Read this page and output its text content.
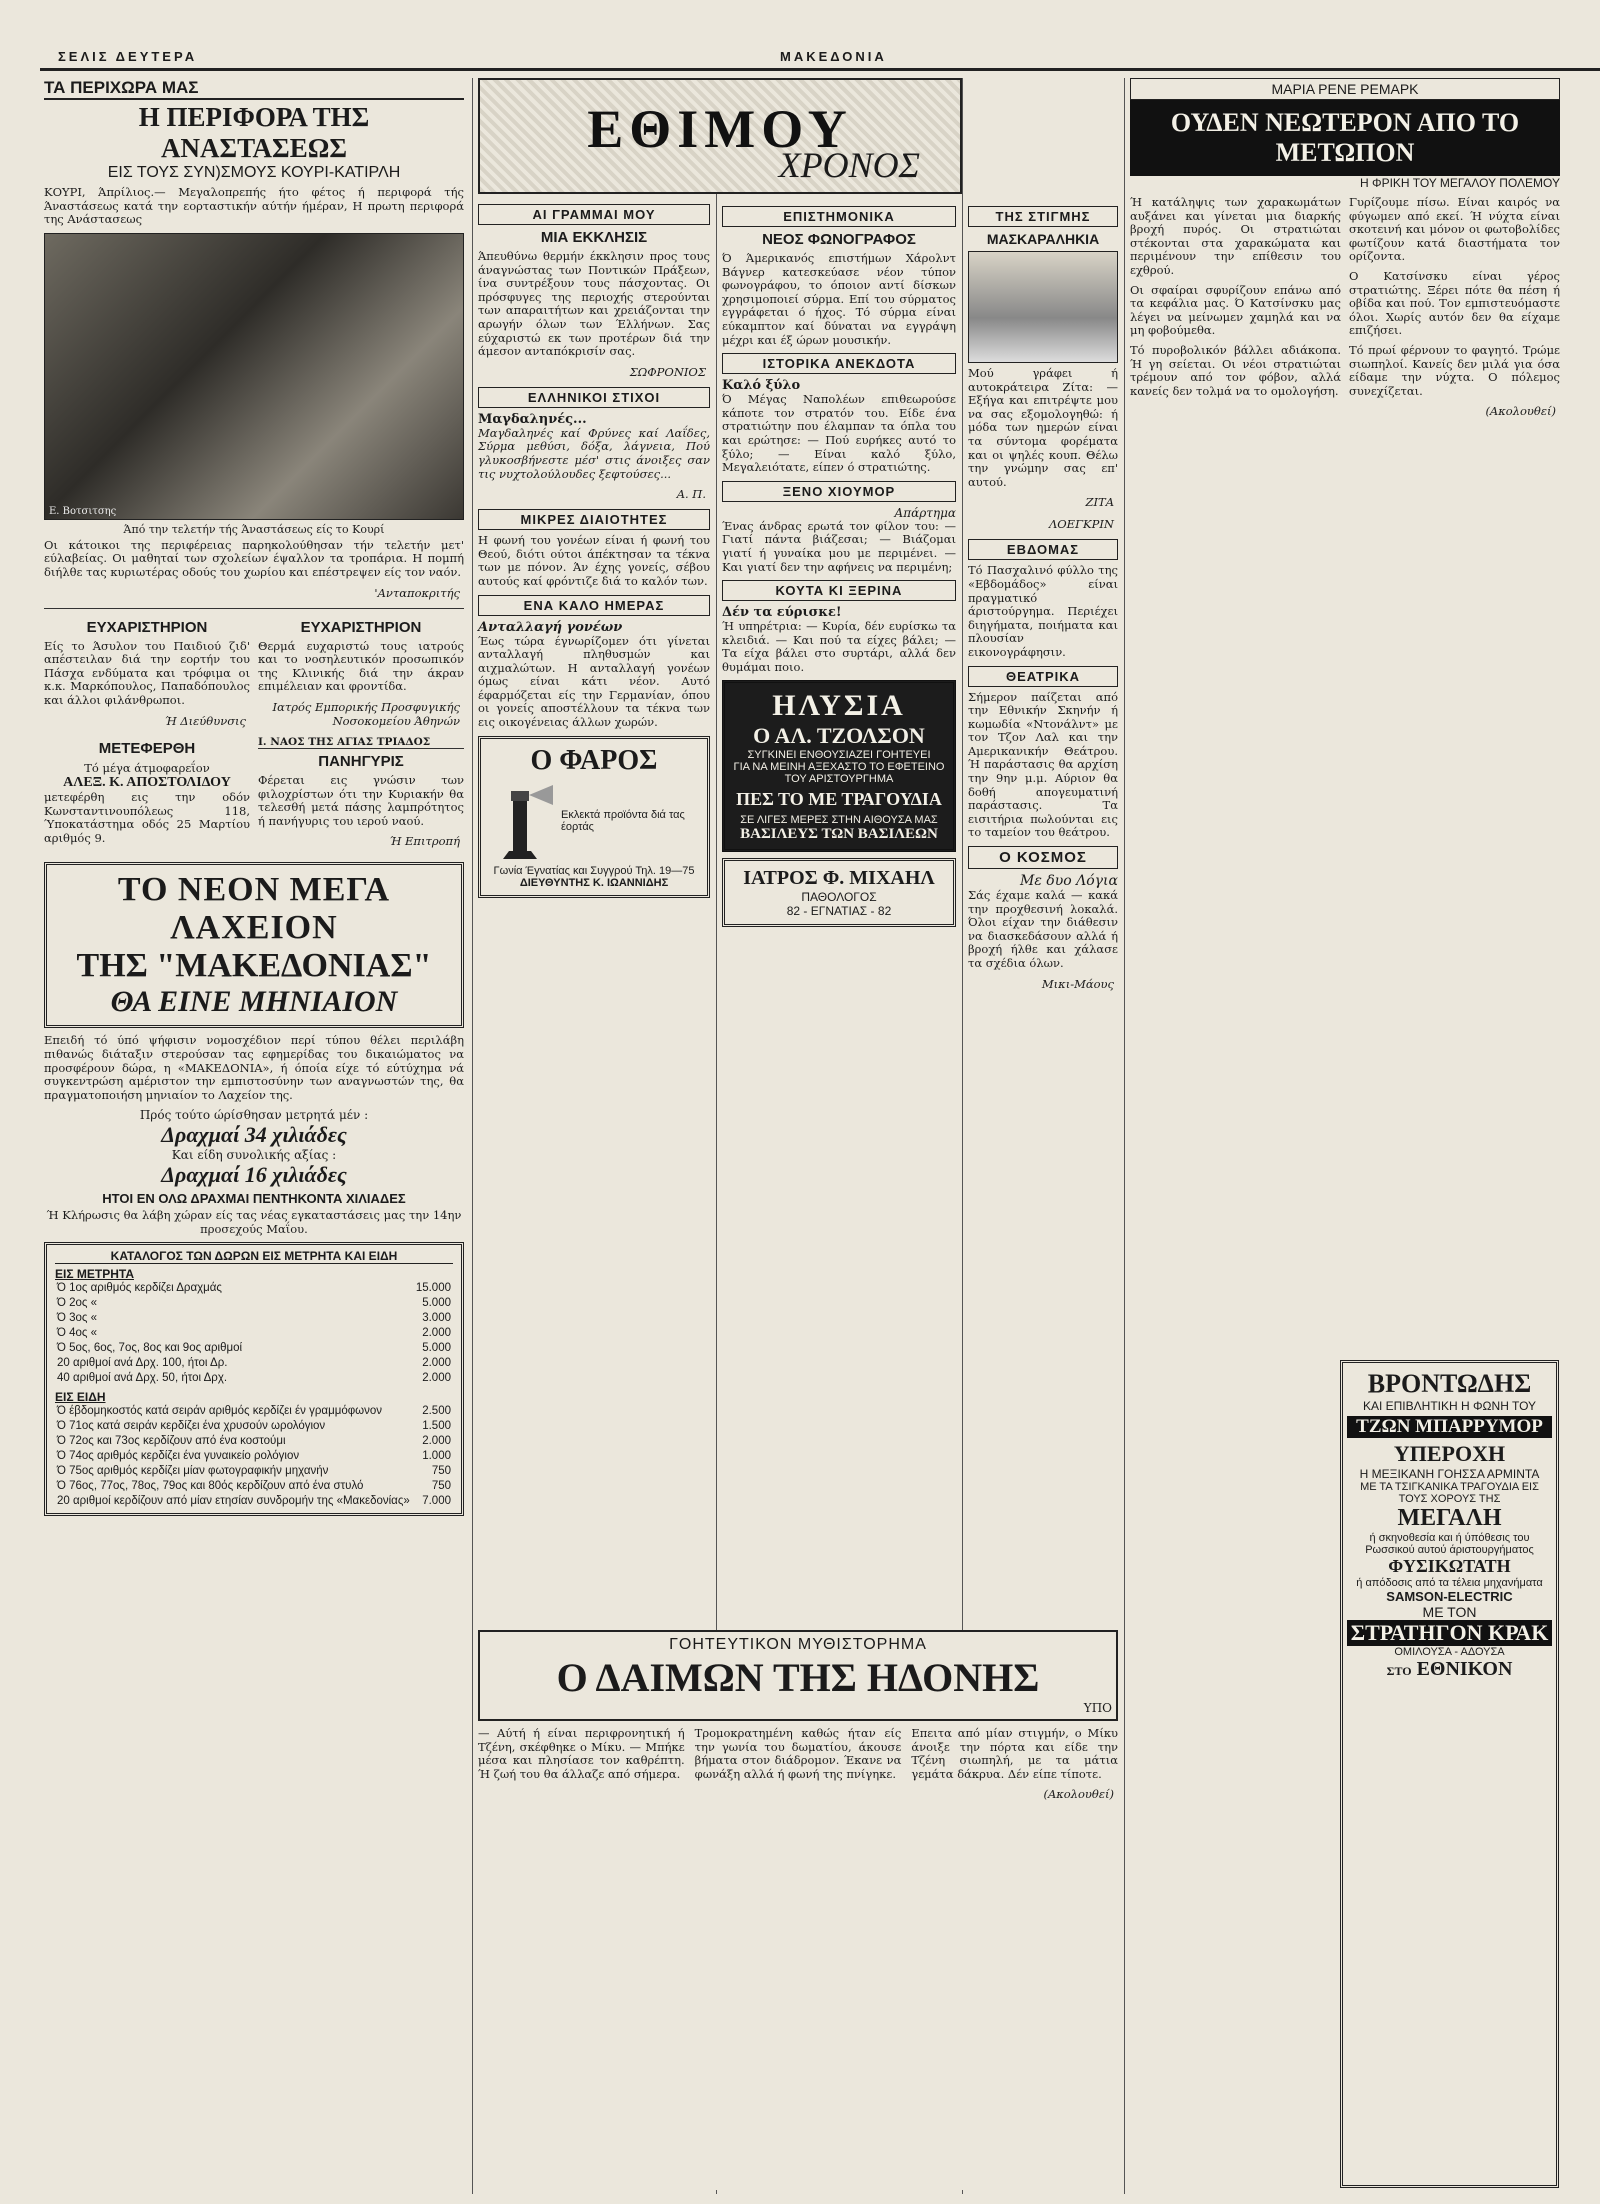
ΣΕΛΙΣ ΔΕΥΤΕΡΑ	ΜΑΚΕΔΟΝΙΑ
ΤΑ ΠΕΡΙΧΩΡΑ ΜΑΣ
Η ΠΕΡΙΦΟΡΑ ΤΗΣ ΑΝΑΣΤΑΣΕΩΣ
ΕΙΣ ΤΟΥΣ ΣΥΝ)ΣΜΟΥΣ ΚΟΥΡΙ-ΚΑΤΙΡΛΗ

ΚΟΥΡΙ, Άπρίλιος.— Μεγαλοπρεπής ήτο φέτος ή περιφορά τής Άναστάσεως κατά την εορταστικήν αύτήν ήμέραν, Η πρωτη περιφορά της Ανάστασεως

Ε. Βοτσιτσης
Άπό την τελετήν τής Άναστάσεως είς το Κουρί

Οι κάτοικοι της περιφέρειας παρηκολούθησαν τήν τελετήν μετ' εύλαβείας. Οι μαθηταί των σχολείων έψαλλον τα τροπάρια. Η πομπή διήλθε τας κυριωτέρας οδούς του χωρίου και επέστρεψεν είς τον ναόν.

'Ανταποκριτής
ΕΥΧΑΡΙΣΤΗΡΙΟΝ

Είς το Άσυλον του Παιδιού ζιδ' απέστειλαν διά την εορτήν του Πάσχα ενδύματα και τρόφιμα οι κ.κ. Μαρκόπουλος, Παπαδόπουλος και άλλοι φιλάνθρωποι.

Ή Διεύθυνσις
ΕΥΧΑΡΙΣΤΗΡΙΟΝ

Θερμά ευχαριστώ τους ιατρούς και το νοσηλευτικόν προσωπικόν της Κλινικής διά την άκραν επιμέλειαν και φροντίδα.

Ιατρός Εμπορικής Προσφυγικής Νοσοκομείου Άθηνών
ΜΕΤΕΦΕΡΘΗ
Τό μέγα άτμοφαρεΐον
ΑΛΕΞ. Κ. ΑΠΟΣΤΟΛΙΔΟΥ

μετεφέρθη εις την οδόν Κωνσταντινουπόλεως 118, Ύποκατάστημα οδός 25 Μαρτίου αριθμός 9.

Ι. ΝΑΟΣ ΤΗΣ ΑΓΙΑΣ ΤΡΙΑΔΟΣ
ΠΑΝΗΓΥΡΙΣ

Φέρεται εις γνώσιν των φιλοχρίστων ότι την Κυριακήν θα τελεσθή μετά πάσης λαμπρότητος ή πανήγυρις του ιερού ναού.

Ή Επιτροπή
ΤΟ ΝΕΟΝ ΜΕΓΑ ΛΑΧΕΙΟΝ
ΤΗΣ "ΜΑΚΕΔΟΝΙΑΣ"
ΘΑ ΕΙΝΕ ΜΗΝΙΑΙΟΝ

Επειδή τό ύπό ψήφισιν νομοσχέδιον περί τύπου θέλει περιλάβη πιθανώς διάταξιν στερούσαν τας εφημερίδας του δικαιώματος να προσφέρουν δώρα, η «ΜΑΚΕΔΟΝΙΑ», ή όποία είχε τό εύτύχημα νά συγκεντρώση αμέριστον την εμπιστοσύνην των αναγνωστών της, θα πραγματοποιήση μηνιαίον το Λαχείον της.

Πρός τούτο ώρίσθησαν μετρητά μέν :
Δραχμαί 34 χιλιάδες
Και είδη συνολικής αξίας :
Δραχμαί 16 χιλιάδες
ΗΤΟΙ ΕΝ ΟΛΩ ΔΡΑΧΜΑΙ ΠΕΝΤΗΚΟΝΤΑ ΧΙΛΙΑΔΕΣ

Ή Κλήρωσις θα λάβη χώραν είς τας νέας εγκαταστάσεις μας την 14ην προσεχούς Μαΐου.

ΚΑΤΑΛΟΓΟΣ ΤΩΝ ΔΩΡΩΝ ΕΙΣ ΜΕΤΡΗΤΑ ΚΑΙ ΕΙΔΗ
ΕΙΣ ΜΕΤΡΗΤΑ
Ό 1ος αριθμός κερδίζει Δραχμάς	15.000
Ό 2ος «	5.000
Ό 3ος «	3.000
Ό 4ος «	2.000
Ό 5ος, 6ος, 7ος, 8ος και 9ος αριθμοί	5.000
20 αριθμοί ανά Δρχ. 100, ήτοι Δρ.	2.000
40 αριθμοί ανά Δρχ. 50, ήτοι Δρχ.	2.000
ΕΙΣ ΕΙΔΗ
Ό έβδομηκοστός κατά σειράν αριθμός κερδίζει έν γραμμόφωνον	2.500
Ό 71ος κατά σειράν κερδίζει ένα χρυσούν ωρολόγιον	1.500
Ό 72ος και 73ος κερδίζουν από ένα κοστούμι	2.000
Ό 74ος αριθμός κερδίζει ένα γυναικείο ρολόγιον	1.000
Ό 75ος αριθμός κερδίζει μίαν φωτογραφικήν μηχανήν	750
Ό 76ος, 77ος, 78ος, 79ος και 80ός κερδίζουν από ένα στυλό	750
20 αριθμοί κερδίζουν από μίαν ετησίαν συνδρομήν της «Μακεδονίας»	7.000
ΕΘΙΜΟΥ
ΧΡΟΝΟΣ
ΑΙ ΓΡΑΜΜΑΙ ΜΟΥ
ΜΙΑ ΕΚΚΛΗΣΙΣ

Άπευθύνω θερμήν έκκλησιν προς τους άναγνώστας των Ποντικών Πράξεων, ίνα συντρέξουν τους πάσχοντας. Οι πρόσφυγες της περιοχής στερούνται των απαραιτήτων και χρειάζονται την αρωγήν όλων των Έλλήνων. Σας εύχαριστώ εκ των προτέρων διά την άμεσον ανταπόκρισίν σας.

ΣΩΦΡΟΝΙΟΣ
ΕΛΛΗΝΙΚΟΙ ΣΤΙΧΟΙ
Μαγδαληνές...

Μαγδαληνές καί Φρύνες καί Λαΐδες, Σύρμα μεθύσι, δόξα, λάγνεια, Πού γλυκοσβήνεστε μέσ' στις άνοιξες σαν τις νυχτολούλουδες ξεφτούσες...

Α. Π.
ΜΙΚΡΕΣ ΔΙΑΙΟΤΗΤΕΣ

Η φωνή του γονέων είναι ή φωνή του Θεού, διότι ούτοι άπέκτησαν τα τέκνα των με πόνον. Άν έχης γονείς, σέβου αυτούς καί φρόντιζε διά το καλόν των.

ΕΝΑ ΚΑΛΟ ΗΜΕΡΑΣ
Ανταλλαγή γονέων

Έως τώρα έγνωρίζομεν ότι γίνεται ανταλλαγή πληθυσμών και αιχμαλώτων. Η ανταλλαγή γονέων όμως είναι κάτι νέον. Αυτό έφαρμόζεται είς την Γερμανίαν, όπου οι γονείς αποστέλλουν τα τέκνα των εις οικογένειας άλλων χωρών.

Ο ΦΑΡΟΣ
Εκλεκτά προϊόντα διά τας έορτάς
Γωνία Έγνατίας και Συγγρού Τηλ. 19—75
ΔΙΕΥΘΥΝΤΗΣ Κ. ΙΩΑΝΝΙΔΗΣ
ΕΠΙΣΤΗΜΟΝΙΚΑ
ΝΕΟΣ ΦΩΝΟΓΡΑΦΟΣ

Ό Άμερικανός επιστήμων Χάρολντ Βάγνερ κατεσκεύασε νέον τύπον φωνογράφου, το όποιον αντί δίσκων χρησιμοποιεί σύρμα. Επί του σύρματος εγγράφεται ό ήχος. Τό σύρμα είναι εύκαμπτον καί δύναται να εγγράψη μέχρι και έξ ώρων μουσικήν.

ΙΣΤΟΡΙΚΑ ΑΝΕΚΔΟΤΑ
Καλό ξύλο

Ό Μέγας Ναπολέων επιθεωρούσε κάποτε τον στρατόν του. Είδε ένα στρατιώτην που έλαμπαν τα όπλα του και ερώτησε: — Πού ευρήκες αυτό το ξύλο; — Είναι καλό ξύλο, Μεγαλειότατε, είπεν ό στρατιώτης.

ΞΕΝΟ ΧΙΟΥΜΟΡ
Απάρτημα

Ένας άνδρας ερωτά τον φίλον του: — Γιατί πάντα βιάζεσαι; — Βιάζομαι γιατί ή γυναίκα μου με περιμένει. — Και γιατί δεν την αφήνεις να περιμένη;

ΚΟΥΤΑ ΚΙ ΞΕΡΙΝΑ
Δέν τα εύρισκε!

Ή υπηρέτρια: — Κυρία, δέν ευρίσκω τα κλειδιά. — Και πού τα είχες βάλει; — Τα είχα βάλει στο συρτάρι, αλλά δεν θυμάμαι ποιο.

ΗΛΥΣΙΑ
Ο ΑΛ. ΤΖΟΛΣΟΝ
ΣΥΓΚΙΝΕΙ ΕΝΘΟΥΣΙΑΖΕΙ ΓΟΗΤΕΥΕΙ
ΓΙΑ ΝΑ ΜΕΙΝΗ ΑΞΕΧΑΣΤΟ ΤΟ ΕΦΕΤΕΙΝΟ ΤΟΥ ΑΡΙΣΤΟΥΡΓΗΜΑ
ΠΕΣ ΤΟ ΜΕ ΤΡΑΓΟΥΔΙΑ
ΣΕ ΛΙΓΕΣ ΜΕΡΕΣ ΣΤΗΝ ΑΙΘΟΥΣΑ ΜΑΣ
ΒΑΣΙΛΕΥΣ ΤΩΝ ΒΑΣΙΛΕΩΝ
ΙΑΤΡΟΣ Φ. ΜΙΧΑΗΛ
ΠΑΘΟΛΟΓΟΣ
82 - ΕΓΝΑΤΙΑΣ - 82
ΤΗΣ ΣΤΙΓΜΗΣ
ΜΑΣΚΑΡΑΛΗΚΙΑ

Μού γράφει ή αυτοκράτειρα Ζίτα: — Εξήγα και επιτρέψτε μου να σας εξομολογηθώ: ή μόδα των ημερών είναι τα σύντομα φορέματα και οι ψηλές κουπ. Θέλω την γνώμην σας επ' αυτού.

ΖΙΤΑ
ΛΟΕΓΚΡΙΝ
ΕΒΔΟΜΑΣ

Τό Πασχαλινό φύλλο της «Εβδομάδος» είναι πραγματικό άριστούργημα. Περιέχει διηγήματα, ποιήματα και πλουσίαν εικονογράφησιν.

ΘΕΑΤΡΙΚΑ

Σήμερον παίζεται από την Εθνικήν Σκηνήν ή κωμωδία «Ντονάλντ» με τον Τζον Λαλ και την Αμερικανικήν Θεάτρου. Ή παράστασις θα αρχίση την 9ην μ.μ. Αύριον θα δοθή απογευματινή παράστασις. Τα εισιτήρια πωλούνται εις το ταμείον του θεάτρου.

Ο ΚΟΣΜΟΣ
Με δυο Λόγια

Σάς έχαμε καλά — κακά την προχθεσινή λοκαλά. Όλοι είχαν την διάθεσιν να διασκεδάσουν αλλά ή βροχή ήλθε και χάλασε τα σχέδια όλων.

Μικι-Μάους
ΓΟΗΤΕΥΤΙΚΟΝ ΜΥΘΙΣΤΟΡΗΜΑ
Ο ΔΑΙΜΩΝ ΤΗΣ ΗΔΟΝΗΣ
ΥΠΟ

— Αύτή ή είναι περιφρονητική ή Τζένη, σκέφθηκε ο Μίκυ. — Μπήκε μέσα και πλησίασε τον καθρέπτη. Ή ζωή του θα άλλαζε από σήμερα.

Τρομοκρατημένη καθώς ήταν είς την γωνία του δωματίου, άκουσε βήματα στον διάδρομον. Έκανε να φωνάξη αλλά ή φωνή της πνίγηκε.

Επειτα από μίαν στιγμήν, ο Μίκυ άνοιξε την πόρτα και είδε την Τζένη σιωπηλή, με τα μάτια γεμάτα δάκρυα. Δέν είπε τίποτε.

(Ακολουθεί)
ΜΑΡΙΑ ΡΕΝΕ ΡΕΜΑΡΚ
ΟΥΔΕΝ ΝΕΩΤΕΡΟΝ ΑΠΟ ΤΟ ΜΕΤΩΠΟΝ
Η ΦΡΙΚΗ ΤΟΥ ΜΕΓΑΛΟΥ ΠΟΛΕΜΟΥ

Ή κατάληψις των χαρακωμάτων αυξάνει και γίνεται μια διαρκής βροχή πυρός. Οι στρατιώται στέκονται στα χαρακώματα και περιμένουν την επίθεσιν του εχθρού.

Οι σφαίραι σφυρίζουν επάνω από τα κεφάλια μας. Ό Κατσίνσκυ μας λέγει να μείνωμεν χαμηλά και να μη φοβούμεθα.

Τό πυροβολικόν βάλλει αδιάκοπα. Ή γη σείεται. Οι νέοι στρατιώται τρέμουν από τον φόβον, αλλά κανείς δεν τολμά να το ομολογήση.

Γυρίζουμε πίσω. Είναι καιρός να φύγωμεν από εκεί. Ή νύχτα είναι σκοτεινή και μόνον οι φωτοβολίδες φωτίζουν κατά διαστήματα τον ορίζοντα.

Ο Κατσίνσκυ είναι γέρος στρατιώτης. Ξέρει πότε θα πέση ή οβίδα και πού. Τον εμπιστευόμαστε όλοι. Χωρίς αυτόν δεν θα είχαμε επιζήσει.

Τό πρωί φέρνουν το φαγητό. Τρώμε σιωπηλοί. Κανείς δεν μιλά για όσα είδαμε την νύχτα. Ο πόλεμος συνεχίζεται.

(Ακολουθεί)
ΒΡΟΝΤΩΔΗΣ
ΚΑΙ ΕΠΙΒΛΗΤΙΚΗ Η ΦΩΝΗ ΤΟΥ
ΤΖΩΝ ΜΠΑΡΡΥΜΟΡ
ΥΠΕΡΟΧΗ
Η ΜΕΞΙΚΑΝΗ ΓΟΗΣΣΑ ΑΡΜΙΝΤΑ
ΜΕ ΤΑ ΤΣΙΓΚΑΝΙΚΑ ΤΡΑΓΟΥΔΙΑ ΕΙΣ ΤΟΥΣ ΧΟΡΟΥΣ ΤΗΣ
ΜΕΓΑΛΗ
ή σκηνοθεσία και ή ύπόθεσις του Ρωσσικού αυτού άριστουργήματος
ΦΥΣΙΚΩΤΑΤΗ
ή απόδοσις από τα τέλεια μηχανήματα
SAMSON-ELECTRIC
ΜΕ ΤΟΝ
ΣΤΡΑΤΗΓΟΝ ΚΡΑΚ
ΟΜΙΛΟΥΣΑ - ΑΔΟΥΣΑ
ΣΤΟ ΕΘΝΙΚΟΝ
